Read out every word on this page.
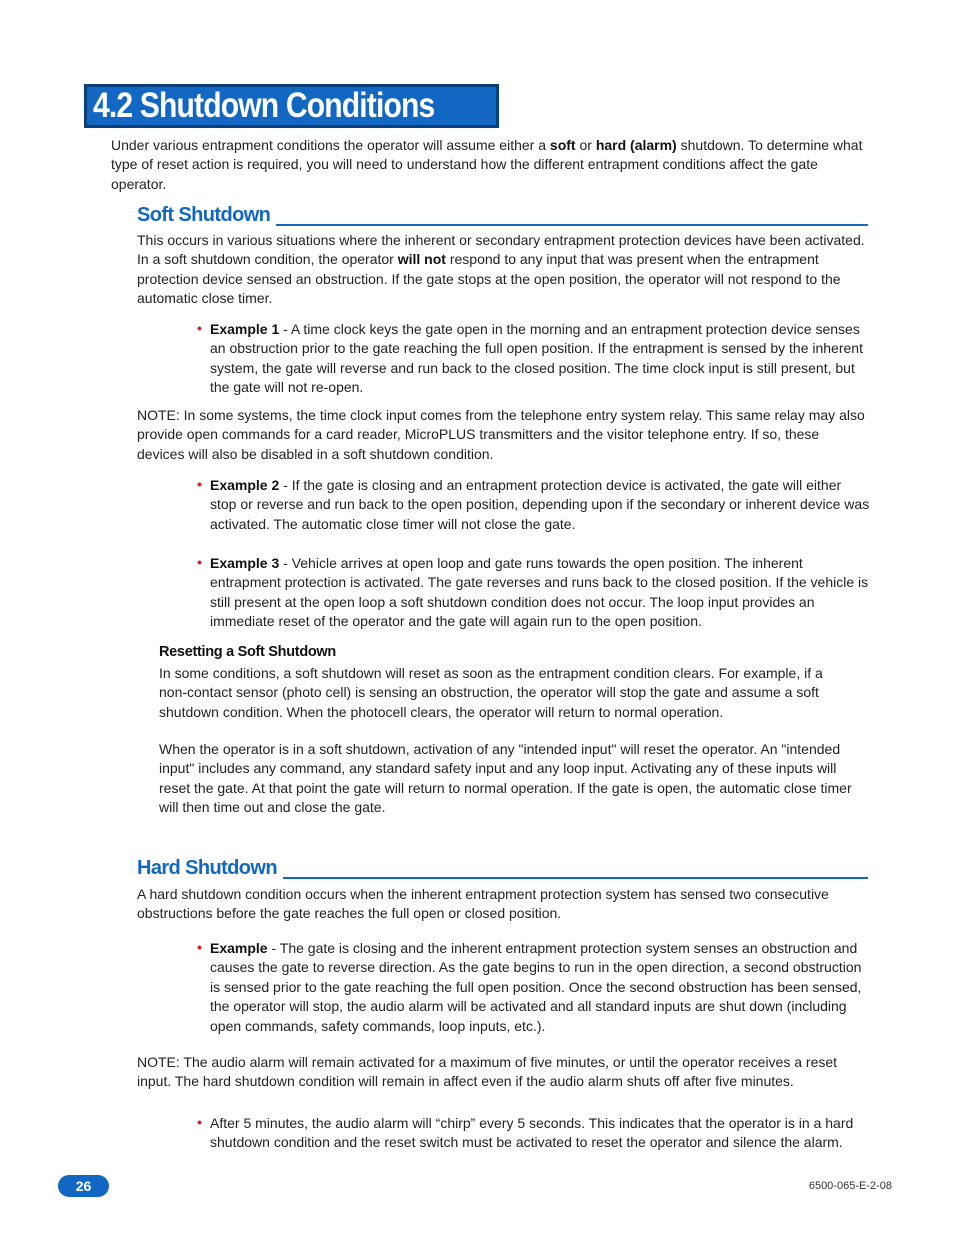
4.2 Shutdown Conditions

Under various entrapment conditions the operator will assume either a soft or hard (alarm) shutdown. To determine what type of reset action is required, you will need to understand how the different entrapment conditions affect the gate operator.

Soft Shutdown

This occurs in various situations where the inherent or secondary entrapment protection devices have been activated. In a soft shutdown condition, the operator will not respond to any input that was present when the entrapment protection device sensed an obstruction. If the gate stops at the open position, the operator will not respond to the automatic close timer.

• Example 1 - A time clock keys the gate open in the morning and an entrapment protection device senses an obstruction prior to the gate reaching the full open position. If the entrapment is sensed by the inherent system, the gate will reverse and run back to the closed position. The time clock input is still present, but the gate will not re-open.

NOTE: In some systems, the time clock input comes from the telephone entry system relay. This same relay may also provide open commands for a card reader, MicroPLUS transmitters and the visitor telephone entry. If so, these devices will also be disabled in a soft shutdown condition.

• Example 2 - If the gate is closing and an entrapment protection device is activated, the gate will either stop or reverse and run back to the open position, depending upon if the secondary or inherent device was activated. The automatic close timer will not close the gate.

• Example 3 - Vehicle arrives at open loop and gate runs towards the open position. The inherent entrapment protection is activated. The gate reverses and runs back to the closed position. If the vehicle is still present at the open loop a soft shutdown condition does not occur. The loop input provides an immediate reset of the operator and the gate will again run to the open position.

Resetting a Soft Shutdown

In some conditions, a soft shutdown will reset as soon as the entrapment condition clears. For example, if a non-contact sensor (photo cell) is sensing an obstruction, the operator will stop the gate and assume a soft shutdown condition. When the photocell clears, the operator will return to normal operation.

When the operator is in a soft shutdown, activation of any "intended input" will reset the operator. An "intended input" includes any command, any standard safety input and any loop input. Activating any of these inputs will reset the gate. At that point the gate will return to normal operation. If the gate is open, the automatic close timer will then time out and close the gate.

Hard Shutdown

A hard shutdown condition occurs when the inherent entrapment protection system has sensed two consecutive obstructions before the gate reaches the full open or closed position.

• Example - The gate is closing and the inherent entrapment protection system senses an obstruction and causes the gate to reverse direction. As the gate begins to run in the open direction, a second obstruction is sensed prior to the gate reaching the full open position. Once the second obstruction has been sensed, the operator will stop, the audio alarm will be activated and all standard inputs are shut down (including open commands, safety commands, loop inputs, etc.).

NOTE: The audio alarm will remain activated for a maximum of five minutes, or until the operator receives a reset input. The hard shutdown condition will remain in affect even if the audio alarm shuts off after five minutes.

• After 5 minutes, the audio alarm will “chirp” every 5 seconds. This indicates that the operator is in a hard shutdown condition and the reset switch must be activated to reset the operator and silence the alarm.

26	6500-065-E-2-08
